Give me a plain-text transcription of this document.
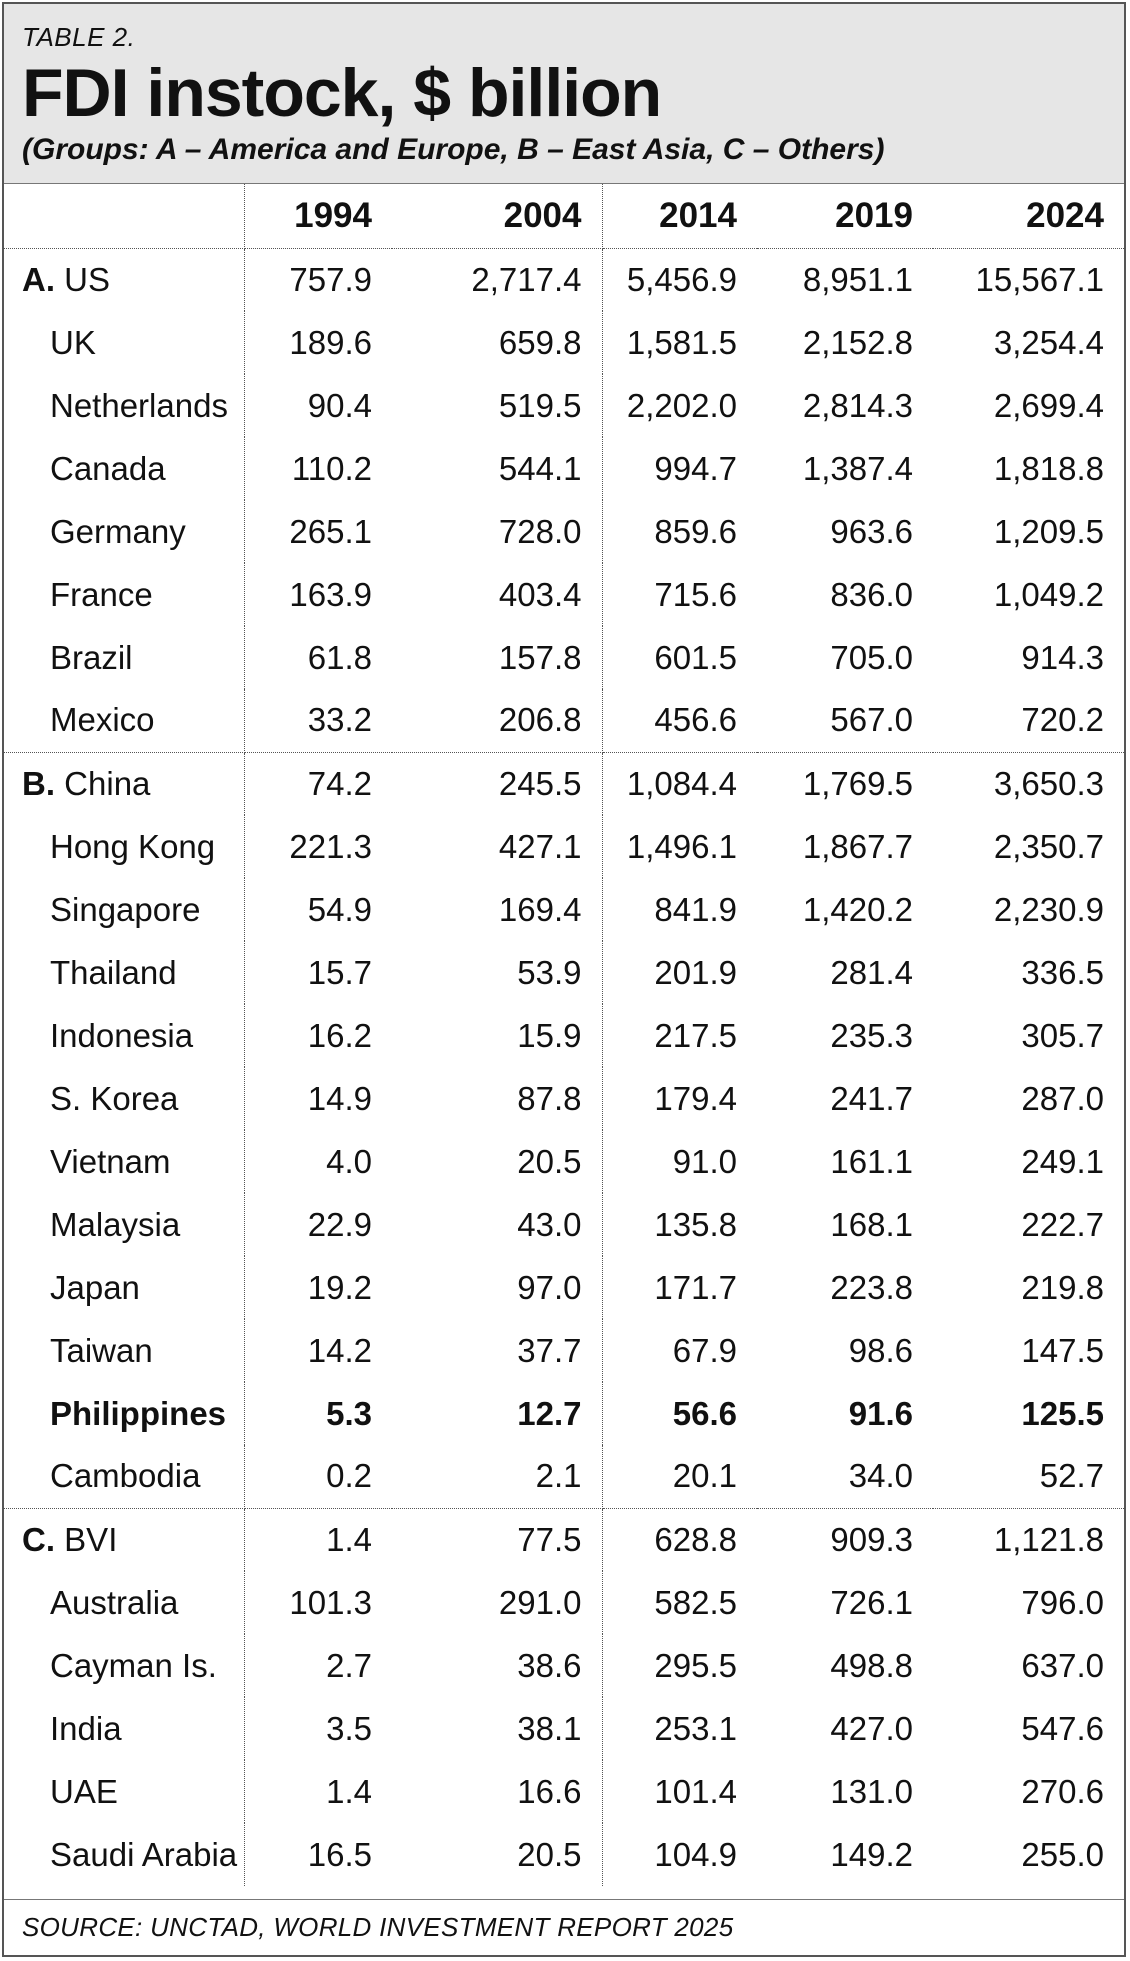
TABLE 2.

FDI instock, $ billion

(Groups: A – America and Europe, B – East Asia, C – Others)

	1994	2004	2014	2019	2024
A. US	757.9	2,717.4	5,456.9	8,951.1	15,567.1
UK	189.6	659.8	1,581.5	2,152.8	3,254.4
Netherlands	90.4	519.5	2,202.0	2,814.3	2,699.4
Canada	110.2	544.1	994.7	1,387.4	1,818.8
Germany	265.1	728.0	859.6	963.6	1,209.5
France	163.9	403.4	715.6	836.0	1,049.2
Brazil	61.8	157.8	601.5	705.0	914.3
Mexico	33.2	206.8	456.6	567.0	720.2
B. China	74.2	245.5	1,084.4	1,769.5	3,650.3
Hong Kong	221.3	427.1	1,496.1	1,867.7	2,350.7
Singapore	54.9	169.4	841.9	1,420.2	2,230.9
Thailand	15.7	53.9	201.9	281.4	336.5
Indonesia	16.2	15.9	217.5	235.3	305.7
S. Korea	14.9	87.8	179.4	241.7	287.0
Vietnam	4.0	20.5	91.0	161.1	249.1
Malaysia	22.9	43.0	135.8	168.1	222.7
Japan	19.2	97.0	171.7	223.8	219.8
Taiwan	14.2	37.7	67.9	98.6	147.5
Philippines	5.3	12.7	56.6	91.6	125.5
Cambodia	0.2	2.1	20.1	34.0	52.7
C. BVI	1.4	77.5	628.8	909.3	1,121.8
Australia	101.3	291.0	582.5	726.1	796.0
Cayman Is.	2.7	38.6	295.5	498.8	637.0
India	3.5	38.1	253.1	427.0	547.6
UAE	1.4	16.6	101.4	131.0	270.6
Saudi Arabia	16.5	20.5	104.9	149.2	255.0
SOURCE: UNCTAD, WORLD INVESTMENT REPORT 2025
